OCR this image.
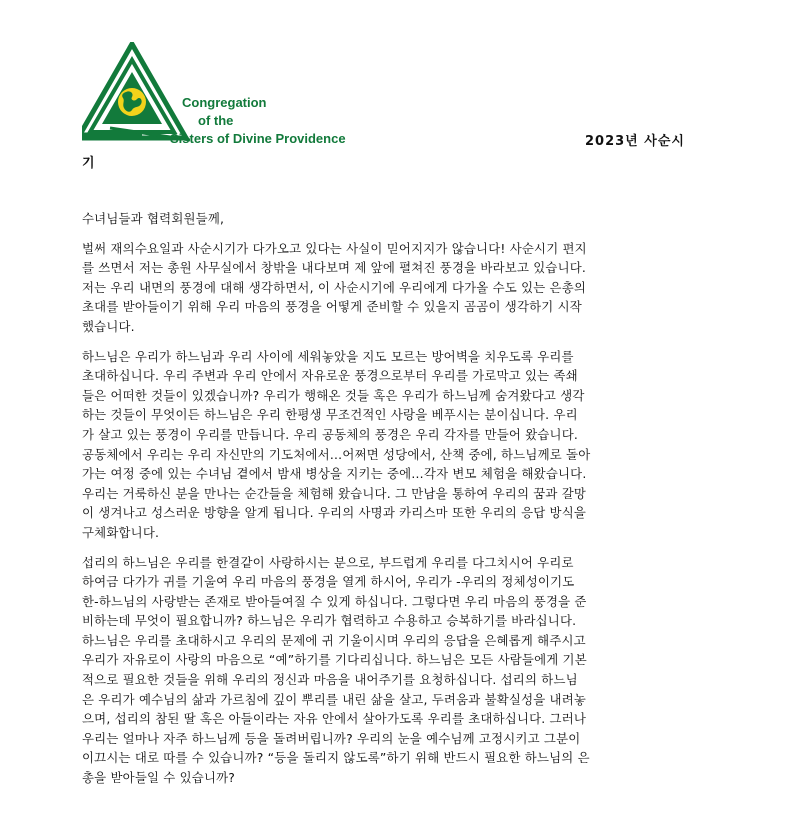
Congregation
of the
Sisters of Divine Providence	2023년 사순시
기
수녀님들과 협력회원들께,
벌써 재의수요일과 사순시기가 다가오고 있다는 사실이 믿어지지가 않습니다! 사순시기 편지
를 쓰면서 저는 총원 사무실에서 창밖을 내다보며 제 앞에 펼쳐진 풍경을 바라보고 있습니다.
저는 우리 내면의 풍경에 대해 생각하면서, 이 사순시기에 우리에게 다가올 수도 있는 은총의
초대를 받아들이기 위해 우리 마음의 풍경을 어떻게 준비할 수 있을지 곰곰이 생각하기 시작
했습니다.
하느님은 우리가 하느님과 우리 사이에 세워놓았을 지도 모르는 방어벽을 치우도록 우리를
초대하십니다. 우리 주변과 우리 안에서 자유로운 풍경으로부터 우리를 가로막고 있는 족쇄
들은 어떠한 것들이 있겠습니까? 우리가 행해온 것들 혹은 우리가 하느님께 숨겨왔다고 생각
하는 것들이 무엇이든 하느님은 우리 한평생 무조건적인 사랑을 베푸시는 분이십니다. 우리
가 살고 있는 풍경이 우리를 만듭니다. 우리 공동체의 풍경은 우리 각자를 만들어 왔습니다.
공동체에서 우리는 우리 자신만의 기도처에서…어쩌면 성당에서, 산책 중에, 하느님께로 돌아
가는 여정 중에 있는 수녀님 곁에서 밤새 병상을 지키는 중에…각자 변모 체험을 해왔습니다.
우리는 거룩하신 분을 만나는 순간들을 체험해 왔습니다. 그 만남을 통하여 우리의 꿈과 갈망
이 생겨나고 성스러운 방향을 알게 됩니다. 우리의 사명과 카리스마 또한 우리의 응답 방식을
구체화합니다.
섭리의 하느님은 우리를 한결같이 사랑하시는 분으로, 부드럽게 우리를 다그치시어 우리로
하여금 다가가 귀를 기울여 우리 마음의 풍경을 열게 하시어, 우리가 -우리의 정체성이기도
한-하느님의 사랑받는 존재로 받아들여질 수 있게 하십니다. 그렇다면 우리 마음의 풍경을 준
비하는데 무엇이 필요합니까? 하느님은 우리가 협력하고 수용하고 승복하기를 바라십니다.
하느님은 우리를 초대하시고 우리의 문제에 귀 기울이시며 우리의 응답을 은혜롭게 해주시고
우리가 자유로이 사랑의 마음으로 “예”하기를 기다리십니다. 하느님은 모든 사람들에게 기본
적으로 필요한 것들을 위해 우리의 정신과 마음을 내어주기를 요청하십니다. 섭리의 하느님
은 우리가 예수님의 삶과 가르침에 깊이 뿌리를 내린 삶을 살고, 두려움과 불확실성을 내려놓
으며, 섭리의 참된 딸 혹은 아들이라는 자유 안에서 살아가도록 우리를 초대하십니다. 그러나
우리는 얼마나 자주 하느님께 등을 돌려버립니까? 우리의 눈을 예수님께 고정시키고 그분이
이끄시는 대로 따를 수 있습니까? “등을 돌리지 않도록”하기 위해 반드시 필요한 하느님의 은
총을 받아들일 수 있습니까?
